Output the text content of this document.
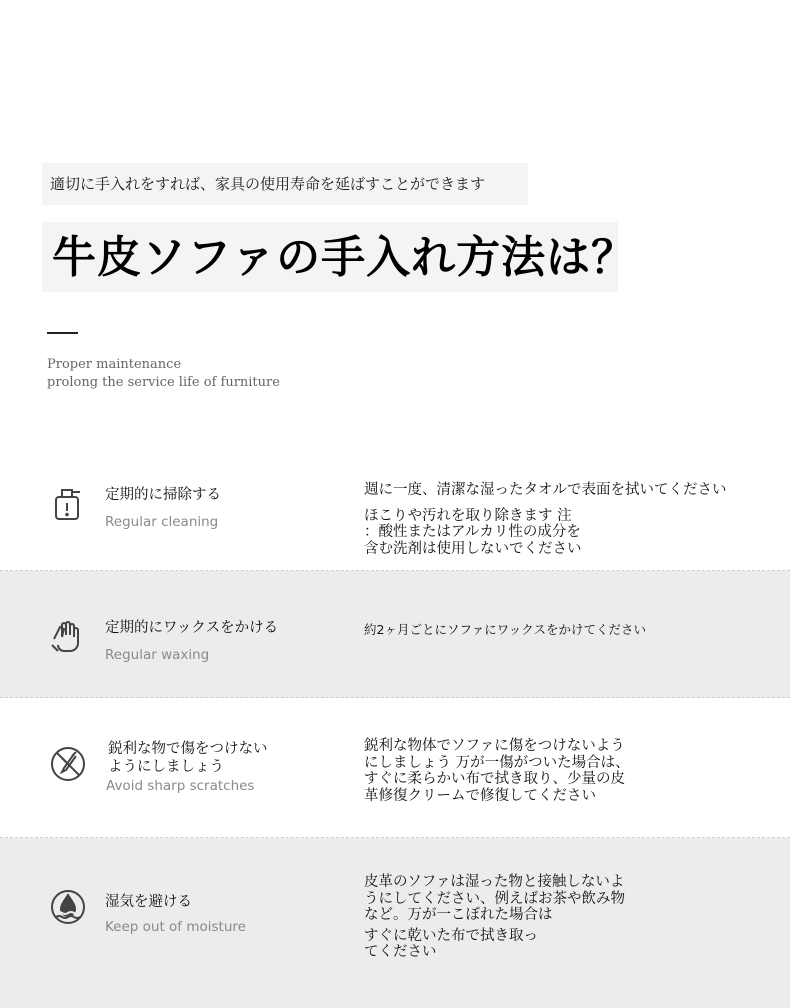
適切に手入れをすれば、家具の使用寿命を延ばすことができます
牛皮ソファの手入れ方法は？
Proper maintenance
prolong the service life of furniture
定期的に掃除する
Regular cleaning
週に一度、清潔な湿ったタオルで表面を拭いてください
ほこりや汚れを取り除きます 注
：酸性またはアルカリ性の成分を
含む洗剤は使用しないでください
定期的にワックスをかける
Regular waxing
約2ヶ月ごとにソファにワックスをかけてください
鋭利な物で傷をつけない
ようにしましょう
Avoid sharp scratches
鋭利な物体でソファに傷をつけないよう
にしましょう 万が一傷がついた場合は、
すぐに柔らかい布で拭き取り、少量の皮
革修復クリームで修復してください
湿気を避ける
Keep out of moisture
皮革のソファは湿った物と接触しないよ
うにしてください、例えばお茶や飲み物
など。万が一こぼれた場合は
すぐに乾いた布で拭き取っ
てください
